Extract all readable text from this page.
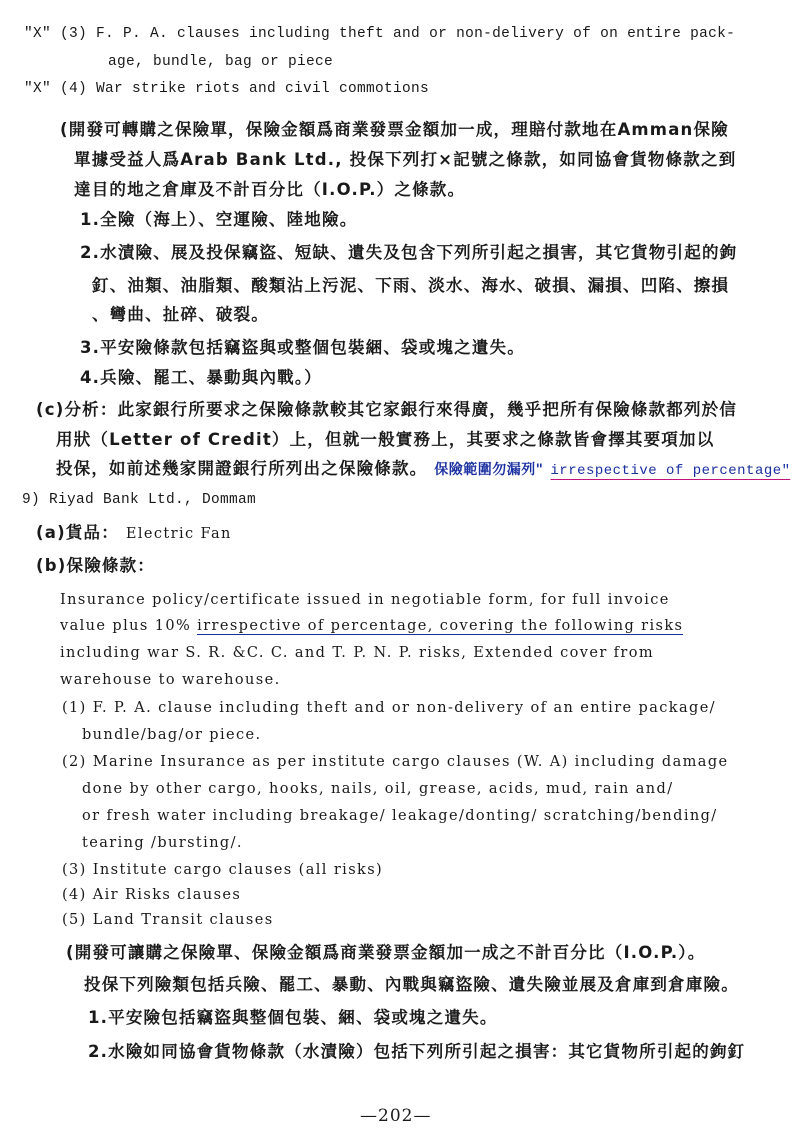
"X" (3) F. P. A. clauses including theft and or non-delivery of on entire pack-
age, bundle, bag or piece
"X" (4) War strike riots and civil commotions
(開發可轉購之保險單，保險金額爲商業發票金額加一成，理賠付款地在Amman保險
單據受益人爲Arab Bank Ltd., 投保下列打×記號之條款，如同協會貨物條款之到
達目的地之倉庫及不計百分比（I.O.P.）之條款。
1.全險（海上）、空運險、陸地險。
2.水漬險、展及投保竊盜、短缺、遺失及包含下列所引起之損害，其它貨物引起的鉤
釘、油類、油脂類、酸類沾上污泥、下雨、淡水、海水、破損、漏損、凹陷、擦損
、彎曲、扯碎、破裂。
3.平安險條款包括竊盜與或整個包裝綑、袋或塊之遺失。
4.兵險、罷工、暴動與內戰。）
(c)分析：此家銀行所要求之保險條款較其它家銀行來得廣，幾乎把所有保險條款都列於信
用狀（Letter of Credit）上，但就一般實務上，其要求之條款皆會擇其要項加以
投保，如前述幾家開證銀行所列出之保險條款。 保險範圍勿漏列" irrespective of percentage"
9) Riyad Bank Ltd., Dommam
(a)貨品： Electric Fan
(b)保險條款：
Insurance policy/certificate issued in negotiable form, for full invoice
value plus 10% irrespective of percentage, covering the following risks
including war S. R. &C. C. and T. P. N. P. risks, Extended cover from
warehouse to warehouse.
(1) F. P. A. clause including theft and or non-delivery of an entire package/
bundle/bag/or piece.
(2) Marine Insurance as per institute cargo clauses (W. A) including damage
done by other cargo, hooks, nails, oil, grease, acids, mud, rain and/
or fresh water including breakage/ leakage/donting/ scratching/bending/
tearing /bursting/.
(3) Institute cargo clauses (all risks)
(4) Air Risks clauses
(5) Land Transit clauses
(開發可讓購之保險單、保險金額爲商業發票金額加一成之不計百分比（I.O.P.）。
投保下列險類包括兵險、罷工、暴動、內戰與竊盜險、遺失險並展及倉庫到倉庫險。
1.平安險包括竊盜與整個包裝、綑、袋或塊之遺失。
2.水險如同協會貨物條款（水漬險）包括下列所引起之損害：其它貨物所引起的鉤釘
—202—
